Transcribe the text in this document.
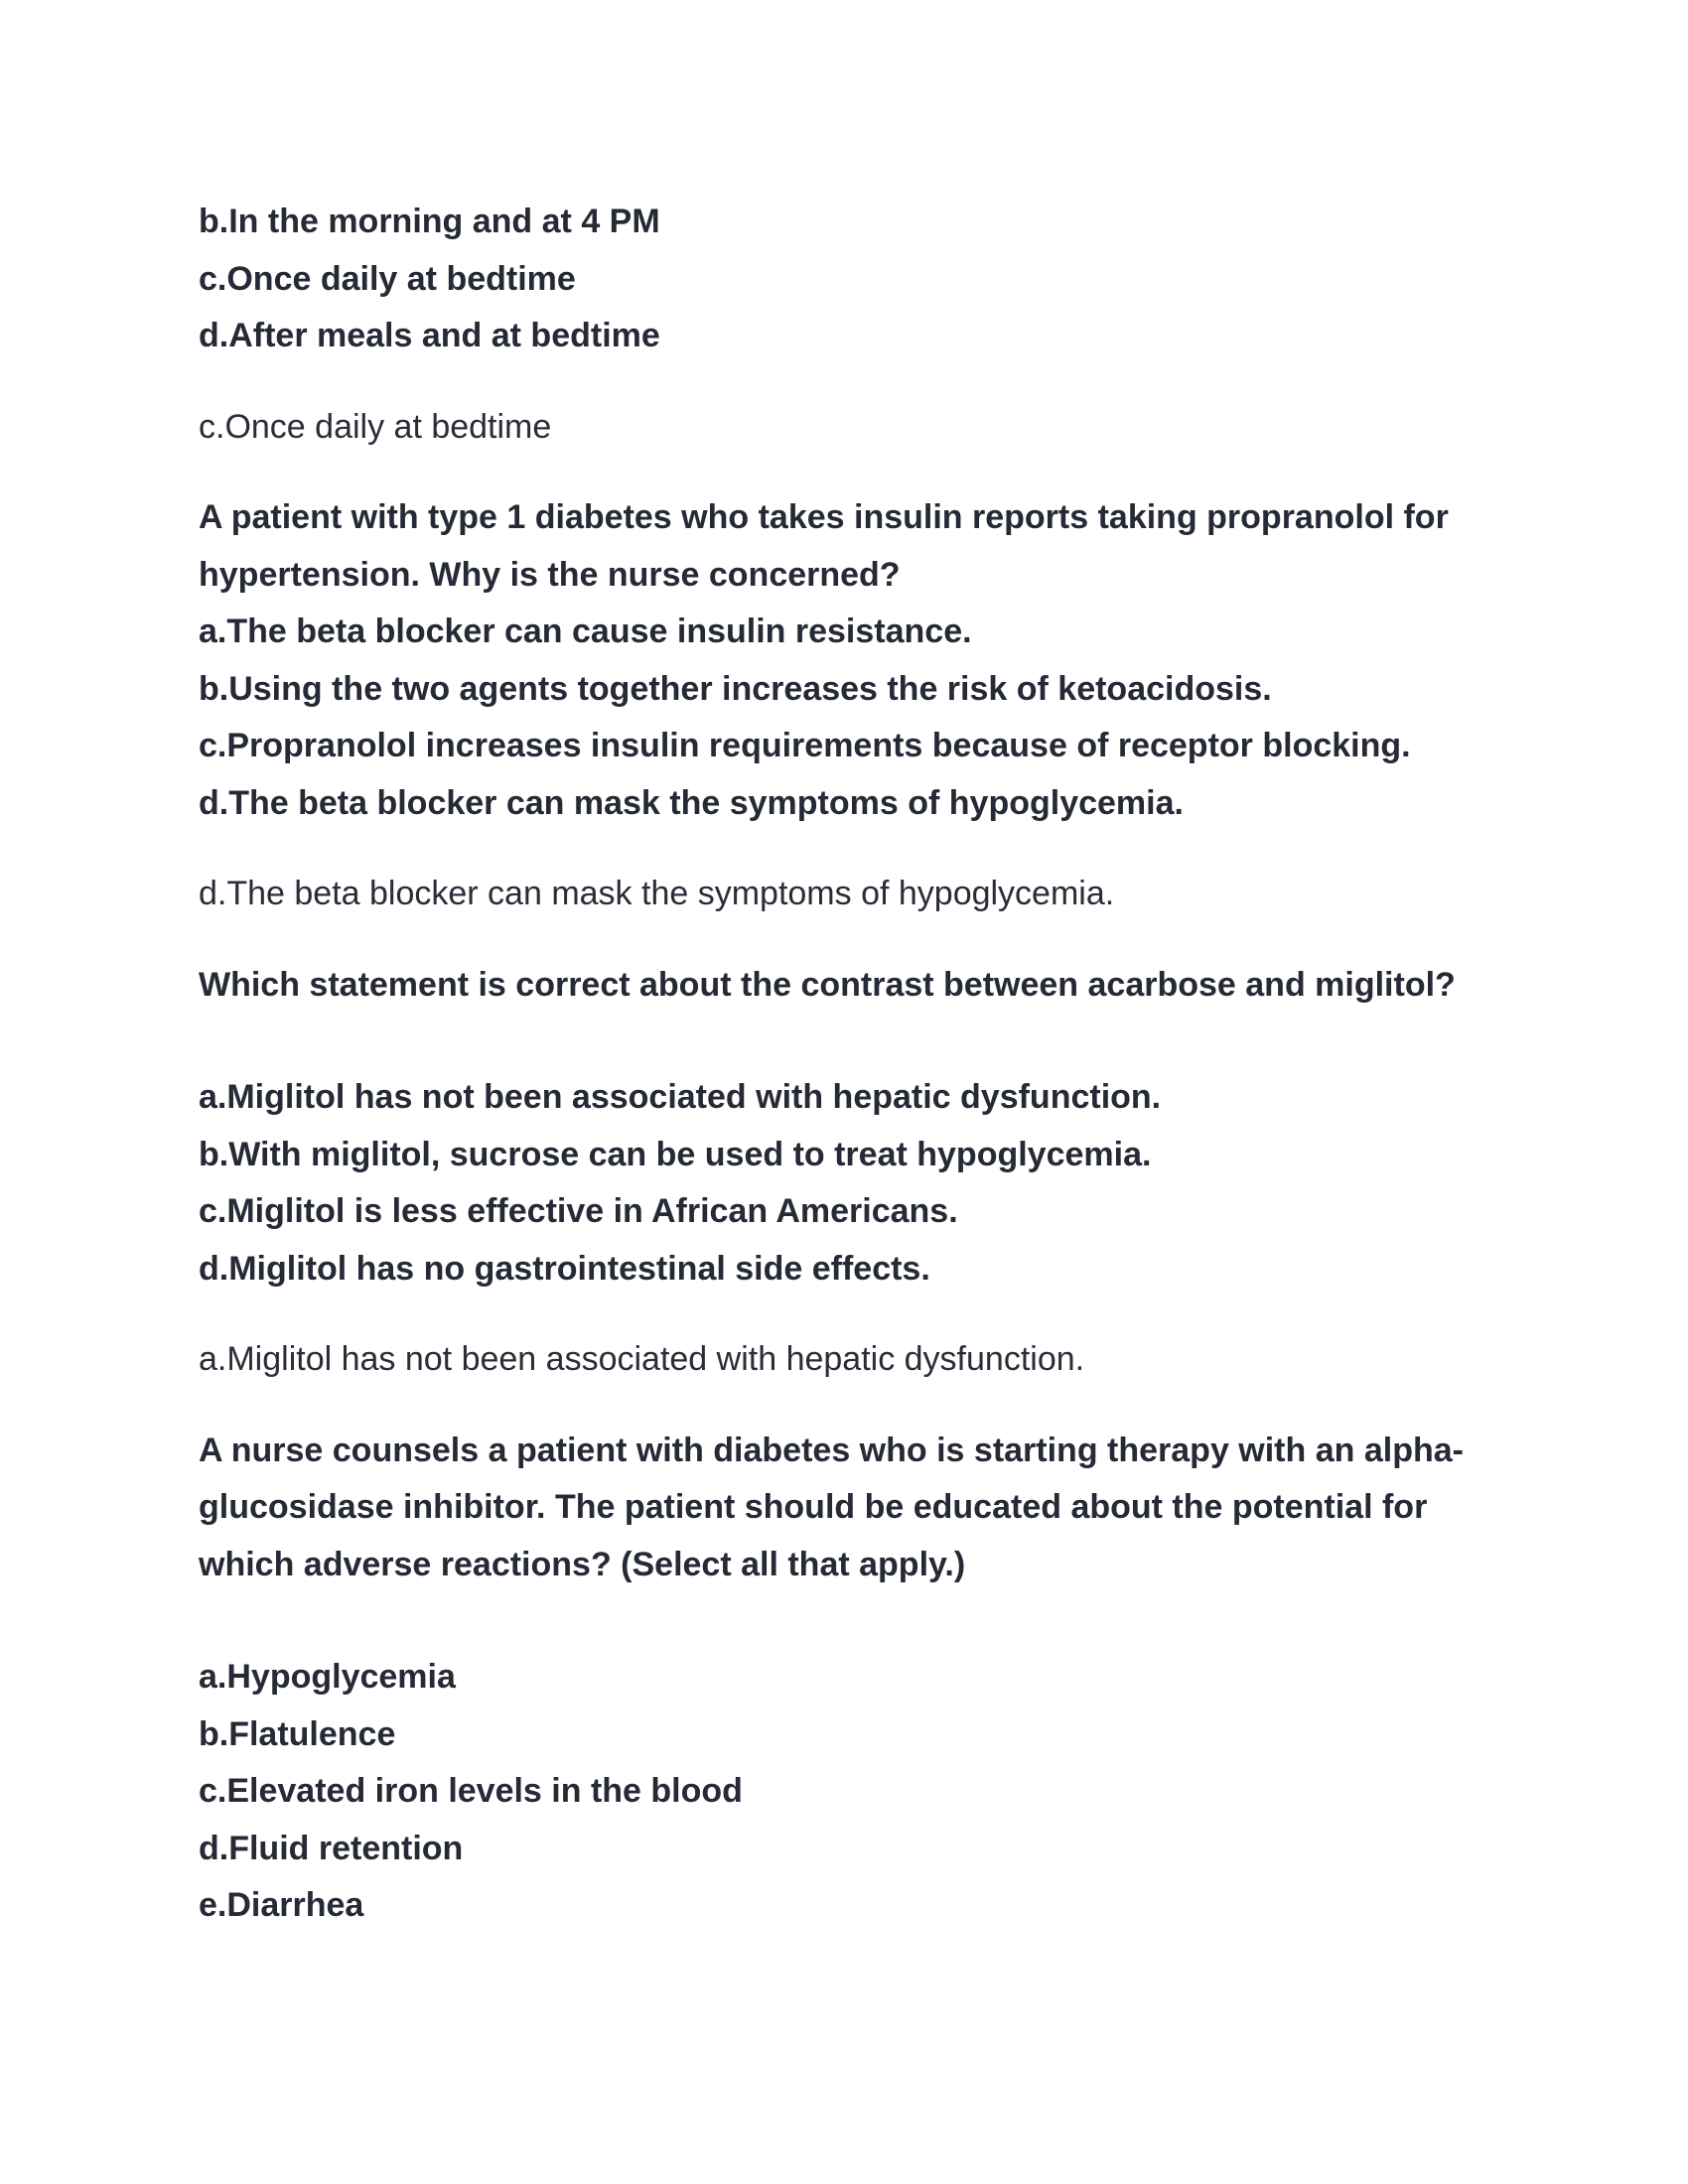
b.In the morning and at 4 PM
c.Once daily at bedtime
d.After meals and at bedtime
c.Once daily at bedtime
A patient with type 1 diabetes who takes insulin reports taking propranolol for
hypertension. Why is the nurse concerned?
a.The beta blocker can cause insulin resistance.
b.Using the two agents together increases the risk of ketoacidosis.
c.Propranolol increases insulin requirements because of receptor blocking.
d.The beta blocker can mask the symptoms of hypoglycemia.
d.The beta blocker can mask the symptoms of hypoglycemia.
Which statement is correct about the contrast between acarbose and miglitol?
a.Miglitol has not been associated with hepatic dysfunction.
b.With miglitol, sucrose can be used to treat hypoglycemia.
c.Miglitol is less effective in African Americans.
d.Miglitol has no gastrointestinal side effects.
a.Miglitol has not been associated with hepatic dysfunction.
A nurse counsels a patient with diabetes who is starting therapy with an alpha-
glucosidase inhibitor. The patient should be educated about the potential for
which adverse reactions? (Select all that apply.)
a.Hypoglycemia
b.Flatulence
c.Elevated iron levels in the blood
d.Fluid retention
e.Diarrhea
